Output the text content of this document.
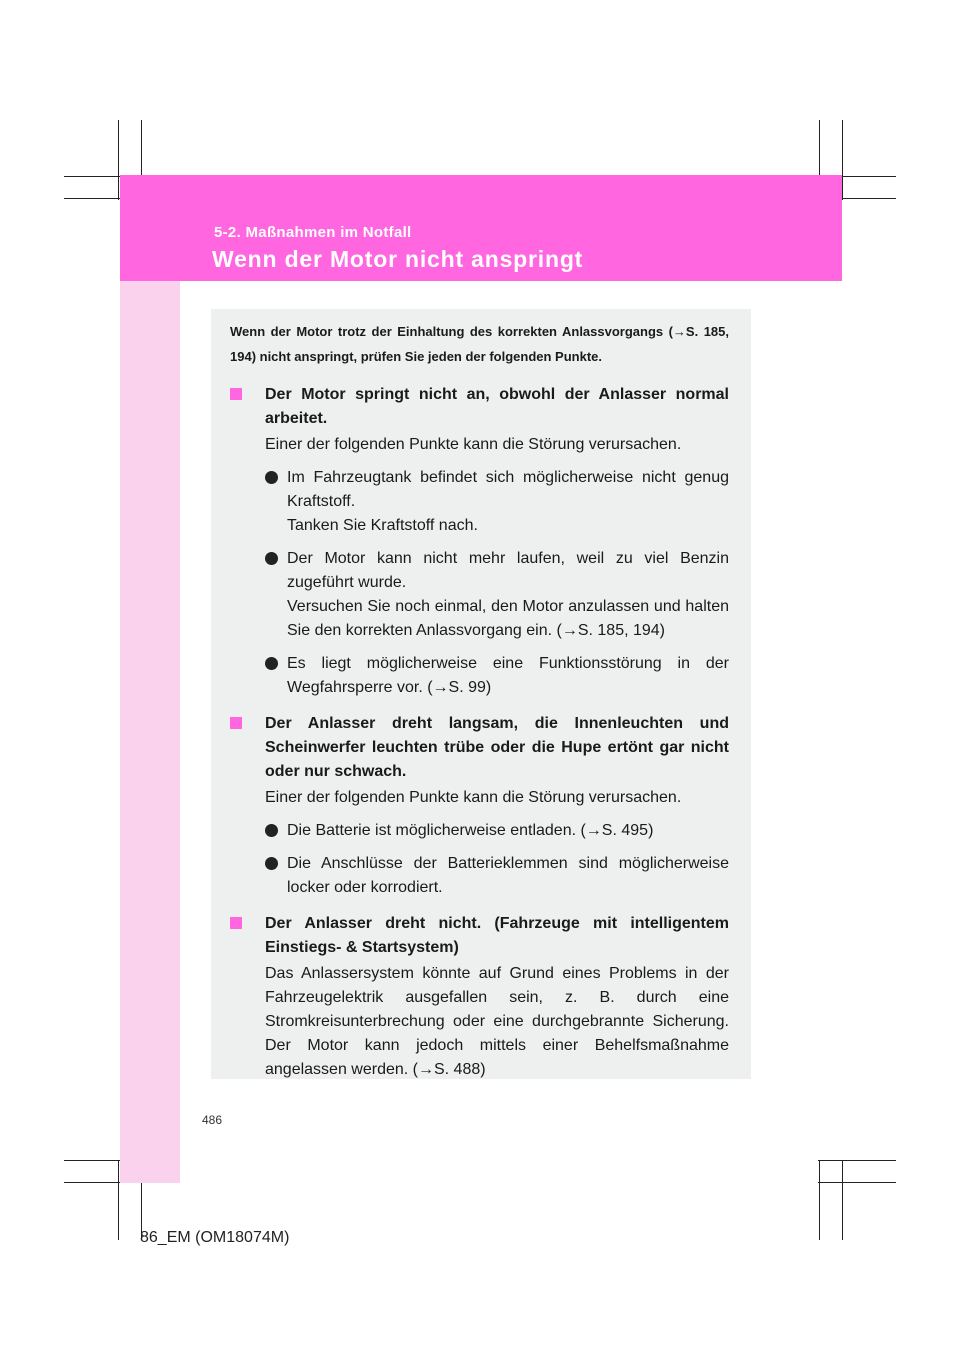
5-2. Maßnahmen im Notfall
Wenn der Motor nicht anspringt

Wenn der Motor trotz der Einhaltung des korrekten Anlassvorgangs (→S. 185, 194) nicht anspringt, prüfen Sie jeden der folgenden Punkte.

Der Motor springt nicht an, obwohl der Anlasser normal arbeitet.
Einer der folgenden Punkte kann die Störung verursachen.
Im Fahrzeugtank befindet sich möglicherweise nicht genug Kraftstoff.
Tanken Sie Kraftstoff nach.
Der Motor kann nicht mehr laufen, weil zu viel Benzin zugeführt wurde.
Versuchen Sie noch einmal, den Motor anzulassen und halten Sie den korrekten Anlassvorgang ein. (→S. 185, 194)
Es liegt möglicherweise eine Funktionsstörung in der Wegfahrsperre vor. (→S. 99)
Der Anlasser dreht langsam, die Innenleuchten und Scheinwerfer leuchten trübe oder die Hupe ertönt gar nicht oder nur schwach.
Einer der folgenden Punkte kann die Störung verursachen.
Die Batterie ist möglicherweise entladen. (→S. 495)
Die Anschlüsse der Batterieklemmen sind möglicherweise locker oder korrodiert.
Der Anlasser dreht nicht. (Fahrzeuge mit intelligentem Einstiegs- & Startsystem)
Das Anlassersystem könnte auf Grund eines Problems in der Fahrzeugelektrik ausgefallen sein, z. B. durch eine Stromkreisunterbrechung oder eine durchgebrannte Sicherung. Der Motor kann jedoch mittels einer Behelfsmaßnahme angelassen werden. (→S. 488)
486
86_EM (OM18074M)
